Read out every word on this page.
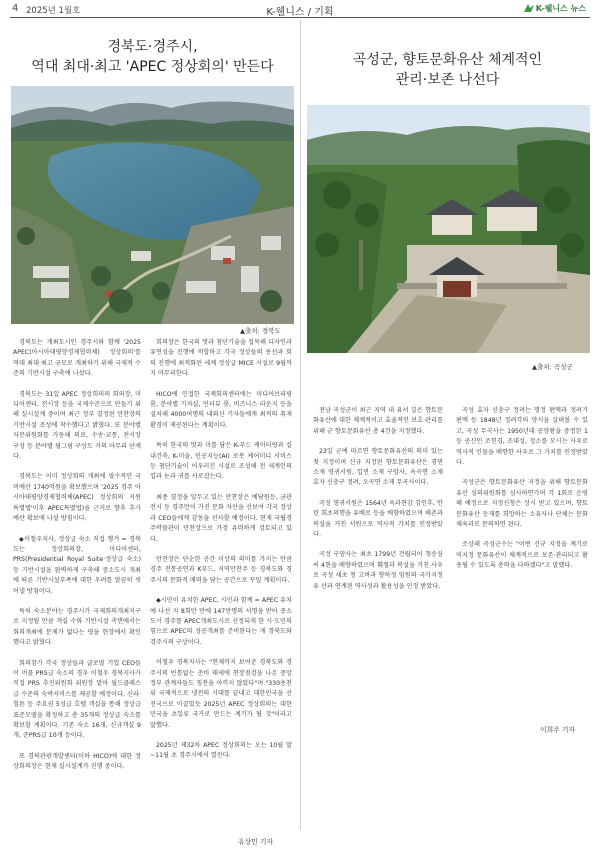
4 2025년 1월호	K-웰니스 / 기획	K-웰니스 뉴스
경북도·경주시,
역대 최대·최고 'APEC 정상회의' 만든다
▲출처: 경북도

경북도는 개최도시인 경주시와 함께 '2025 APEC(아시아태평양경제협력체) 정상회의'를 역대 최대·최고 규모로 개최하기 위해 국제적 수준의 기반시설 구축에 나섰다.

경북도는 31일 APEC 정상회의의 회의장, 미디어센터, 전시장 등을 국제수준으로 만들기 위해 실시설계 중이며 최근 정부 결정된 만찬장의 기반시설 조성에 착수했다고 밝혔다. 또 분야별 자문위원회를 가동해 의료, 수송·교통, 전시장 구성 등 분야별 필그림 구상도 거의 마무리 단계다.

경북도는 이미 정상회의 개최에 필수적인 국비예산 1740억원을 확보했으며 '2025 경주 아시아태평양경제협력체(APEC) 정상회의 지원 특별법'이후 APEC특별법)을 근거로 향후 추가예산 확보에 나설 방침이다.

◆이철우지사, 정상급 숙소 직접 챙겨 = 경북도는 정상회의장, 미디어센터, PRS(Presidential Royal Suite·정상급 숙소) 등 기반시설을 완벽하게 구축해 중소도시 개최에 따른 기반시설부족에 대한 우려를 말끔히 씻어낼 방침이다.

특히 숙소분야는 경주시가 국제회의개최지구로 지정될 만큼 객실 수와 기반시설 측면에서는 회의개최에 문제가 없다는 평을 현장에서 확인했다고 밝혔다.

회의참가 각국 정상들과 글로벌 기업 CEO들이 머물 PRS급 숙소의 경우 이철우 경북지사가 직접 PRS 추진위원회 위원장 맡아 월드클래스급 수준의 숙박서비스를 제공할 예정이다. 신라·힐튼 등 주요권 5성급 호텔 객실을 통해 정상급 표준모델을 확정하고 총 35개의 정상급 숙소를 확보할 계획이다. 기존 숙소 16개, 신규객실 9개, 준PRS급 10개 등이다.

또 경북관광개발센터(이하 HICO)에 대한 정상회의장은 현재 실시설계가 진행 중이다.

회의장은 한국의 멋과 첨단기술을 접목해 디자인과 유연성을 진행에 적합하고 각국 정상들의 동선과 회의 진행에 최적화된 세계 정상급 MICE 시설로 9월까지 마무리한다.

HICO에 인접한 국제회의센터에는 미디어브리핑 룸, 분야별 기자실, 인터뷰 룸, 비즈니스 라운지 등을 설치해 4000여명의 내외신 기자들에게 최적의 취재 환경이 제공된다는 계획이다.

특히 한국의 멋과 미를 담은 K-푸드 케이터링과 실내건축, K-미술, 인공지능(AI) 로봇 케어미디 서비스 등 첨단기술이 어우러진 시설로 조성해 전 세계인의 입과 눈과 귀를 사로잡는다.

최종 결정을 앞두고 있는 만찬장은 예담원등, 금관전시 등 경주만이 가진 문화 자산을 선보여 각국 정상과 CEO들에게 감동을 선사할 예정이다. 현재 국립경주박물관이 만찬장으로 가장 유력하게 검토되고 있다.

만찬장은 단순한 공간 이상의 의미를 가지는 만큼 경주 전통공연과 K푸드, 지역만찬주 등 경북도와 경주시의 문화적 매력을 담는 공간으로 꾸밀 계획이다.

◆시민이 유치한 APEC, 시민과 함께 = APEC 유치에 나선 지 8회만 만에 147만명의 서명을 받아 중소도시 경주를 APEC개최도시로 선정되게 한 시·도민의 힘으로 APEC의 성공개최를 준비한다는 게 경북도와 경주시의 구상이다.

이철우 경북지사는 "현재까지 보여준 경북도와 경주시의 빈틈없는 준비 태세에 현장점검을 나온 중앙정부 관계자들도 칭찬을 아끼지 않았다"며 "330용천위 국제적으로 냉전의 시대를 끝내고 대한민국을 선진국으로 이끌었듯 2025년 APEC 정상회의는 대한민국을 초일류 국가로 만드는 계기가 될 것"이라고 말했다.

2025년 제32차 APEC 정상회의는 오는 10월 말~11월 초 경주시에서 열린다.

유상민 기자
곡성군, 향토문화유산 체계적인
관리·보존 나선다
▲출처: 곡성군

전남 곡성군이 최근 지역 내 유서 깊은 향토문화유산에 대한 체계적이고 효율적인 보호·관리를 위해 군 향토문화유산 총 4건을 지정했다.

23일 군에 따르면 향토문화유산의 의미 있는 첫 지정이며 신규 지정된 향토문화유산은 겸면 소재 영귀서원, 입면 소재 구암사, 옥곡면 소재 효자 신충구 정려, 오곡면 소재 무곡사이다.

곡성 영귀서원은 1564년 옥과현감 김인후, 안린 회초의행을 유배로 등을 배향하였으며 해촌과 복설을 거친 서원으로 역사적 가치를 인정받았다.

곡성 구암사는 최초 1799년 건립되어 청송심씨 4현을 배향하였으며 훼철과 복설을 거친 사우로 곡성 새초 청 고바과 향하정 임원의 국가지정유 산과 연계된 역사성과 활용성을 인정 받았다.

곡성 효자 신충구 정려는 명정 편액과 정려기 편액 등 1848년 정려각의 양식을 살펴볼 수 있고, 곡성 무곡사는 1950년대 공양왕을 중정한 1등 공신인 조헌경, 조대성, 정소를 모시는 사우로 역사적 인물을 배향한 사우로 그 가치를 인정받았다.

곡성군은 향토문화유산 지정을 위해 향토문화유산 심의위원회를 심사하면가며 각 1회로 운영해 예정으로 지정신청은 상시 받고 있으며, 향토문화유산 등재를 희망하는 소유자나 단체는 문화체육과로 문의하면 된다.

조상래 곡성군수는 "이번 신규 지정을 계기로 비지정 문화유산이 체계적으로 보존·관리되고 활용될 수 있도록 총력을 다하겠다"고 말했다.

이희주 기자
